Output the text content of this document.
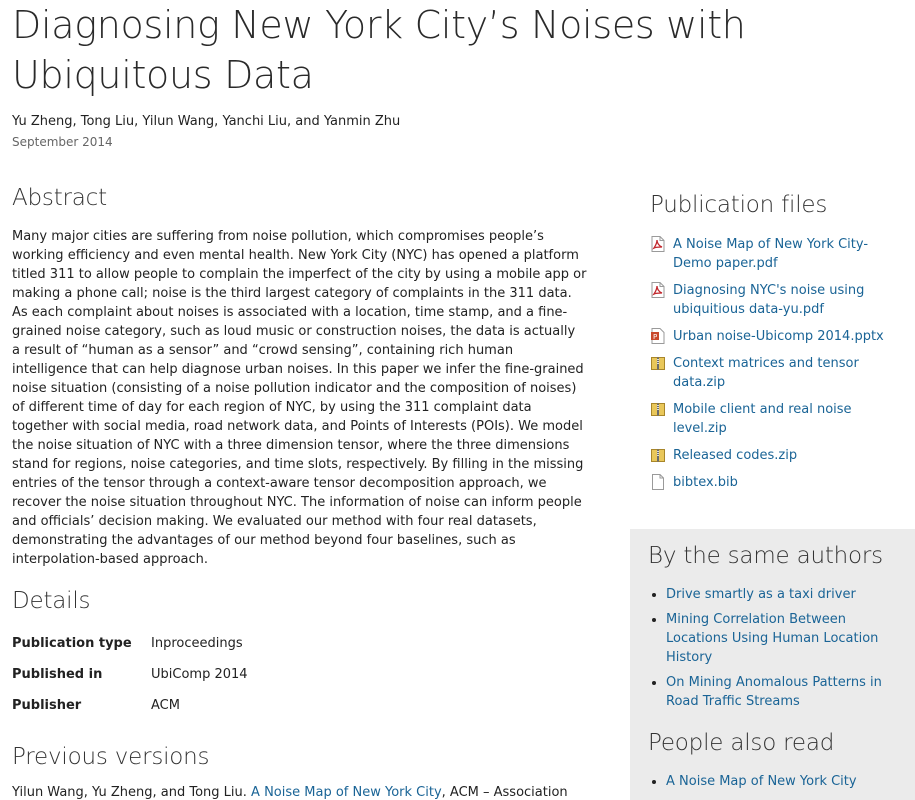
Diagnosing New York City’s Noises with Ubiquitous Data
Yu Zheng, Tong Liu, Yilun Wang, Yanchi Liu, and Yanmin Zhu
September 2014
Abstract

Many major cities are suffering from noise pollution, which compromises people’s working efficiency and even mental health. New York City (NYC) has opened a platform titled 311 to allow people to complain the imperfect of the city by using a mobile app or making a phone call; noise is the third largest category of complaints in the 311 data. As each complaint about noises is associated with a location, time stamp, and a fine-grained noise category, such as loud music or construction noises, the data is actually a result of “human as a sensor” and “crowd sensing”, containing rich human intelligence that can help diagnose urban noises. In this paper we infer the fine-grained noise situation (consisting of a noise pollution indicator and the composition of noises) of different time of day for each region of NYC, by using the 311 complaint data together with social media, road network data, and Points of Interests (POIs). We model the noise situation of NYC with a three dimension tensor, where the three dimensions stand for regions, noise categories, and time slots, respectively. By filling in the missing entries of the tensor through a context-aware tensor decomposition approach, we recover the noise situation throughout NYC. The information of noise can inform people and officials’ decision making. We evaluated our method with four real datasets, demonstrating the advantages of our method beyond four baselines, such as interpolation-based approach.

Details
Publication type	Inproceedings
Published in	UbiComp 2014
Publisher	ACM
Previous versions
Yilun Wang, Yu Zheng, and Tong Liu. A Noise Map of New York City, ACM – Association
Publication files
A Noise Map of New York City-Demo paper.pdf
Diagnosing NYC's noise using ubiquitious data-yu.pdf
P Urban noise-Ubicomp 2014.pptx
Context matrices and tensor data.zip
Mobile client and real noise level.zip
Released codes.zip
bibtex.bib
By the same authors
• Drive smartly as a taxi driver
• Mining Correlation Between Locations Using Human Location History
• On Mining Anomalous Patterns in Road Traffic Streams
People also read
• A Noise Map of New York City
